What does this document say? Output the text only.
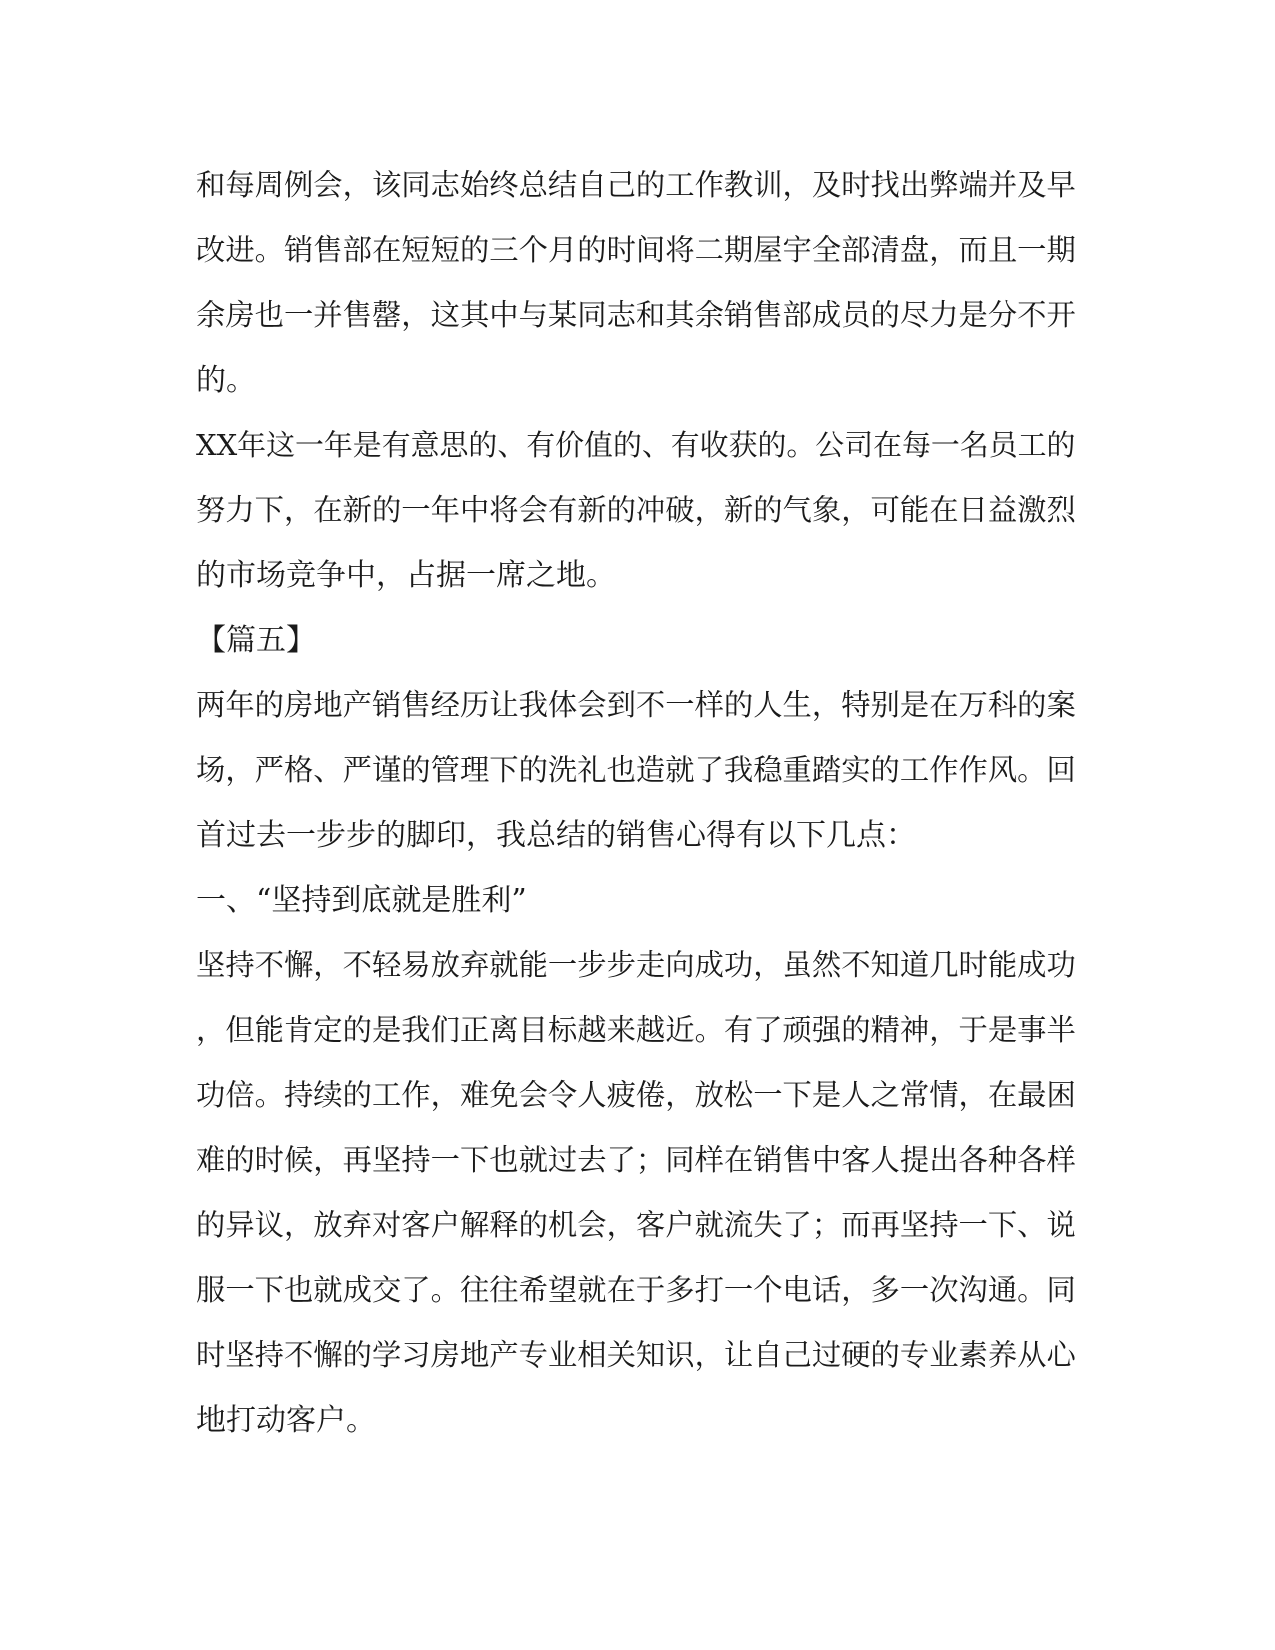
和每周例会，该同志始终总结自己的工作教训，及时找出弊端并及早
改进。销售部在短短的三个月的时间将二期屋宇全部清盘，而且一期
余房也一并售罄，这其中与某同志和其余销售部成员的尽力是分不开
的。
XX年这一年是有意思的、有价值的、有收获的。公司在每一名员工的
努力下，在新的一年中将会有新的冲破，新的气象，可能在日益激烈
的市场竞争中，占据一席之地。
【篇五】
两年的房地产销售经历让我体会到不一样的人生，特别是在万科的案
场，严格、严谨的管理下的洗礼也造就了我稳重踏实的工作作风。回
首过去一步步的脚印，我总结的销售心得有以下几点：
一、“坚持到底就是胜利”
坚持不懈，不轻易放弃就能一步步走向成功，虽然不知道几时能成功
，但能肯定的是我们正离目标越来越近。有了顽强的精神，于是事半
功倍。持续的工作，难免会令人疲倦，放松一下是人之常情，在最困
难的时候，再坚持一下也就过去了；同样在销售中客人提出各种各样
的异议，放弃对客户解释的机会，客户就流失了；而再坚持一下、说
服一下也就成交了。往往希望就在于多打一个电话，多一次沟通。同
时坚持不懈的学习房地产专业相关知识，让自己过硬的专业素养从心
地打动客户。
